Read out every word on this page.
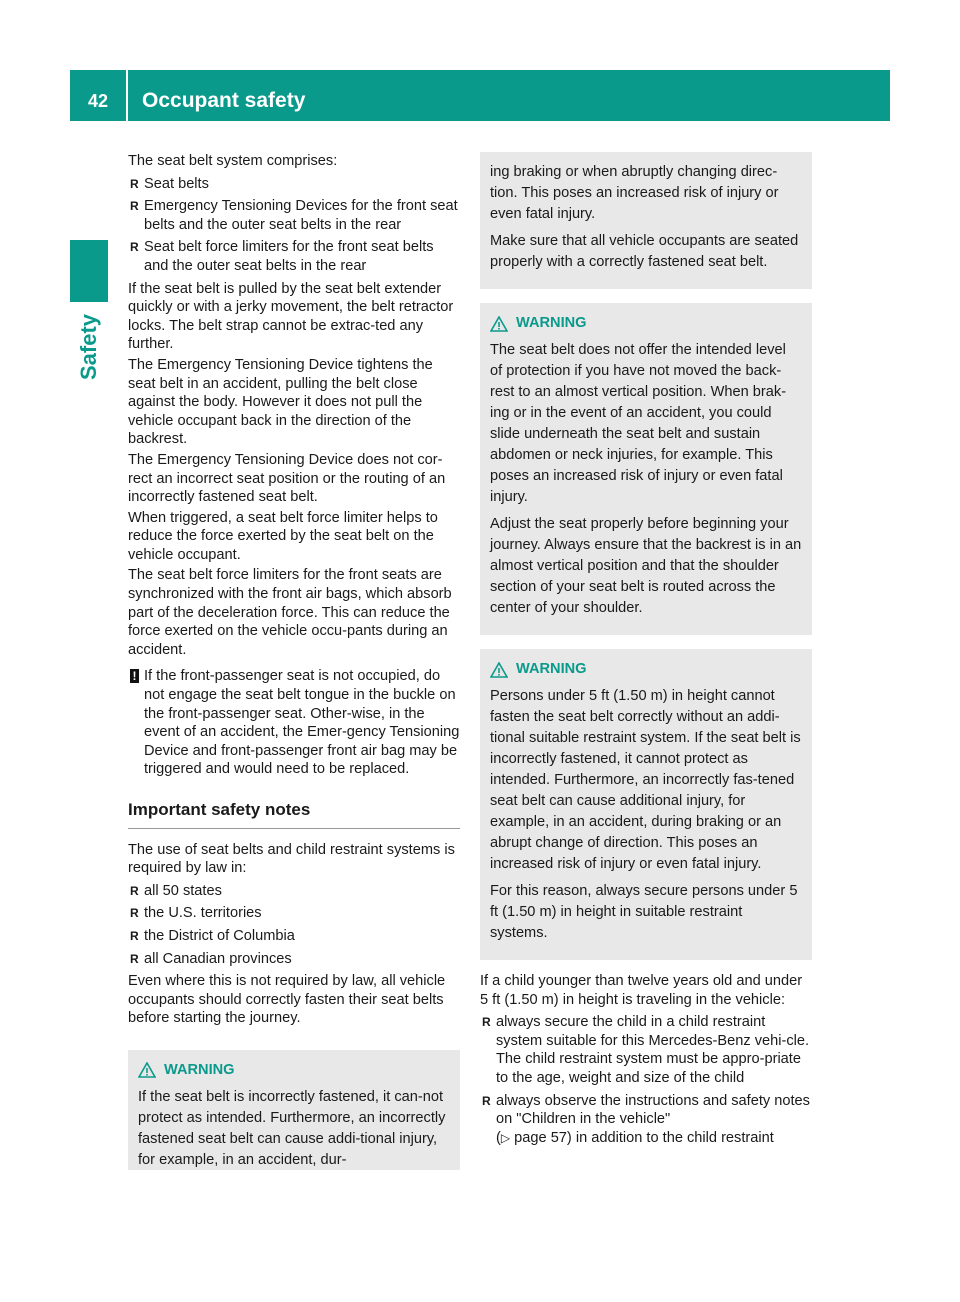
42	Occupant safety
Safety

The seat belt system comprises:

R Seat belts
R Emergency Tensioning Devices for the front seat belts and the outer seat belts in the rear
R Seat belt force limiters for the front seat belts and the outer seat belts in the rear

If the seat belt is pulled by the seat belt extender quickly or with a jerky movement, the belt retractor locks. The belt strap cannot be extrac-ted any further.

The Emergency Tensioning Device tightens the seat belt in an accident, pulling the belt close against the body. However it does not pull the vehicle occupant back in the direction of the backrest.

The Emergency Tensioning Device does not cor-rect an incorrect seat position or the routing of an incorrectly fastened seat belt.

When triggered, a seat belt force limiter helps to reduce the force exerted by the seat belt on the vehicle occupant.

The seat belt force limiters for the front seats are synchronized with the front air bags, which absorb part of the deceleration force. This can reduce the force exerted on the vehicle occu-pants during an accident.

! If the front-passenger seat is not occupied, do not engage the seat belt tongue in the buckle on the front-passenger seat. Other-wise, in the event of an accident, the Emer-gency Tensioning Device and front-passenger front air bag may be triggered and would need to be replaced.
Important safety notes

The use of seat belts and child restraint systems is required by law in:

R all 50 states
R the U.S. territories
R the District of Columbia
R all Canadian provinces

Even where this is not required by law, all vehicle occupants should correctly fasten their seat belts before starting the journey.

WARNING

If the seat belt is incorrectly fastened, it can-not protect as intended. Furthermore, an incorrectly fastened seat belt can cause addi-tional injury, for example, in an accident, dur-

ing braking or when abruptly changing direc-tion. This poses an increased risk of injury or even fatal injury.

Make sure that all vehicle occupants are seated properly with a correctly fastened seat belt.

WARNING

The seat belt does not offer the intended level of protection if you have not moved the back-rest to an almost vertical position. When brak-ing or in the event of an accident, you could slide underneath the seat belt and sustain abdomen or neck injuries, for example. This poses an increased risk of injury or even fatal injury.

Adjust the seat properly before beginning your journey. Always ensure that the backrest is in an almost vertical position and that the shoulder section of your seat belt is routed across the center of your shoulder.

WARNING

Persons under 5 ft (1.50 m) in height cannot fasten the seat belt correctly without an addi-tional suitable restraint system. If the seat belt is incorrectly fastened, it cannot protect as intended. Furthermore, an incorrectly fas-tened seat belt can cause additional injury, for example, in an accident, during braking or an abrupt change of direction. This poses an increased risk of injury or even fatal injury.

For this reason, always secure persons under 5 ft (1.50 m) in height in suitable restraint systems.

If a child younger than twelve years old and under 5 ft (1.50 m) in height is traveling in the vehicle:

R always secure the child in a child restraint system suitable for this Mercedes-Benz vehi-cle. The child restraint system must be appro-priate to the age, weight and size of the child
R always observe the instructions and safety notes on "Children in the vehicle"
(▷ page 57) in addition to the child restraint
